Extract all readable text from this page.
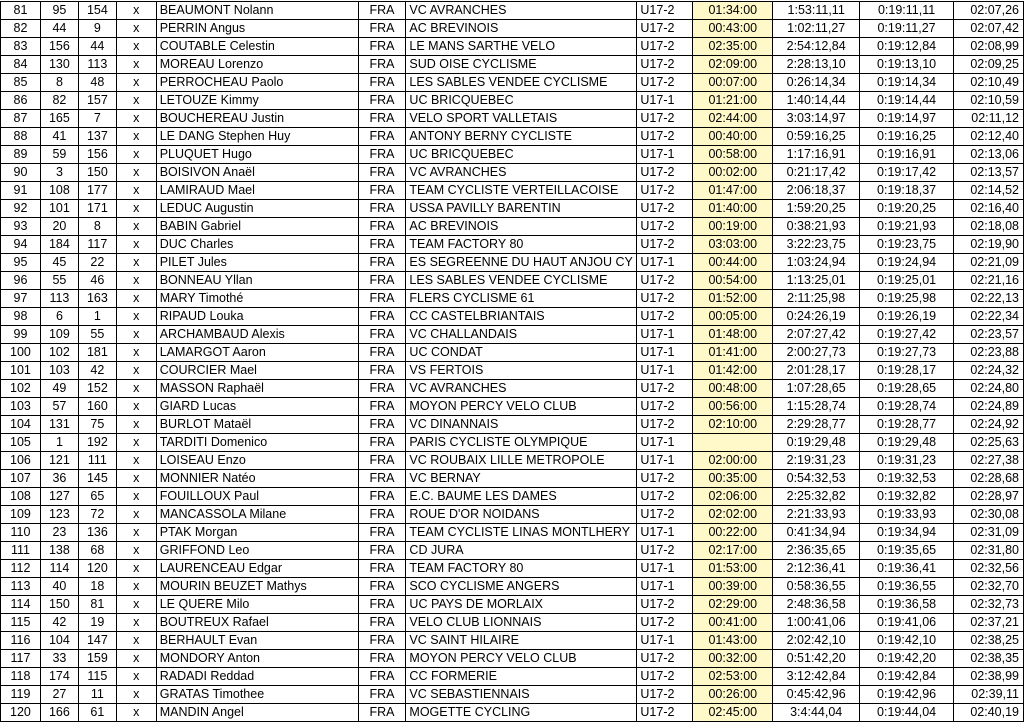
81	95	154	x	BEAUMONT Nolann	FRA	VC AVRANCHES	U17-2	01:34:00	1:53:11,11	0:19:11,11	02:07,26
82	44	9	x	PERRIN Angus	FRA	AC BREVINOIS	U17-2	00:43:00	1:02:11,27	0:19:11,27	02:07,42
83	156	44	x	COUTABLE Celestin	FRA	LE MANS SARTHE VELO	U17-2	02:35:00	2:54:12,84	0:19:12,84	02:08,99
84	130	113	x	MOREAU Lorenzo	FRA	SUD OISE CYCLISME	U17-2	02:09:00	2:28:13,10	0:19:13,10	02:09,25
85	8	48	x	PERROCHEAU Paolo	FRA	LES SABLES VENDEE CYCLISME	U17-2	00:07:00	0:26:14,34	0:19:14,34	02:10,49
86	82	157	x	LETOUZE Kimmy	FRA	UC BRICQUEBEC	U17-1	01:21:00	1:40:14,44	0:19:14,44	02:10,59
87	165	7	x	BOUCHEREAU Justin	FRA	VELO SPORT VALLETAIS	U17-2	02:44:00	3:03:14,97	0:19:14,97	02:11,12
88	41	137	x	LE DANG Stephen Huy	FRA	ANTONY BERNY CYCLISTE	U17-2	00:40:00	0:59:16,25	0:19:16,25	02:12,40
89	59	156	x	PLUQUET Hugo	FRA	UC BRICQUEBEC	U17-1	00:58:00	1:17:16,91	0:19:16,91	02:13,06
90	3	150	x	BOISIVON Anaël	FRA	VC AVRANCHES	U17-2	00:02:00	0:21:17,42	0:19:17,42	02:13,57
91	108	177	x	LAMIRAUD Mael	FRA	TEAM CYCLISTE VERTEILLACOISE	U17-2	01:47:00	2:06:18,37	0:19:18,37	02:14,52
92	101	171	x	LEDUC Augustin	FRA	USSA PAVILLY BARENTIN	U17-2	01:40:00	1:59:20,25	0:19:20,25	02:16,40
93	20	8	x	BABIN Gabriel	FRA	AC BREVINOIS	U17-2	00:19:00	0:38:21,93	0:19:21,93	02:18,08
94	184	117	x	DUC Charles	FRA	TEAM FACTORY 80	U17-2	03:03:00	3:22:23,75	0:19:23,75	02:19,90
95	45	22	x	PILET Jules	FRA	ES SEGREENNE DU HAUT ANJOU CY	U17-1	00:44:00	1:03:24,94	0:19:24,94	02:21,09
96	55	46	x	BONNEAU Yllan	FRA	LES SABLES VENDEE CYCLISME	U17-2	00:54:00	1:13:25,01	0:19:25,01	02:21,16
97	113	163	x	MARY Timothé	FRA	FLERS CYCLISME 61	U17-2	01:52:00	2:11:25,98	0:19:25,98	02:22,13
98	6	1	x	RIPAUD Louka	FRA	CC CASTELBRIANTAIS	U17-2	00:05:00	0:24:26,19	0:19:26,19	02:22,34
99	109	55	x	ARCHAMBAUD Alexis	FRA	VC CHALLANDAIS	U17-1	01:48:00	2:07:27,42	0:19:27,42	02:23,57
100	102	181	x	LAMARGOT Aaron	FRA	UC CONDAT	U17-1	01:41:00	2:00:27,73	0:19:27,73	02:23,88
101	103	42	x	COURCIER Mael	FRA	VS FERTOIS	U17-1	01:42:00	2:01:28,17	0:19:28,17	02:24,32
102	49	152	x	MASSON Raphaël	FRA	VC AVRANCHES	U17-2	00:48:00	1:07:28,65	0:19:28,65	02:24,80
103	57	160	x	GIARD Lucas	FRA	MOYON PERCY VELO CLUB	U17-2	00:56:00	1:15:28,74	0:19:28,74	02:24,89
104	131	75	x	BURLOT Mataël	FRA	VC DINANNAIS	U17-2	02:10:00	2:29:28,77	0:19:28,77	02:24,92
105	1	192	x	TARDITI Domenico	FRA	PARIS CYCLISTE OLYMPIQUE	U17-1		0:19:29,48	0:19:29,48	02:25,63
106	121	111	x	LOISEAU Enzo	FRA	VC ROUBAIX LILLE METROPOLE	U17-1	02:00:00	2:19:31,23	0:19:31,23	02:27,38
107	36	145	x	MONNIER Natéo	FRA	VC BERNAY	U17-2	00:35:00	0:54:32,53	0:19:32,53	02:28,68
108	127	65	x	FOUILLOUX Paul	FRA	E.C. BAUME LES DAMES	U17-2	02:06:00	2:25:32,82	0:19:32,82	02:28,97
109	123	72	x	MANCASSOLA Milane	FRA	ROUE D'OR NOIDANS	U17-2	02:02:00	2:21:33,93	0:19:33,93	02:30,08
110	23	136	x	PTAK Morgan	FRA	TEAM CYCLISTE LINAS MONTLHERY	U17-1	00:22:00	0:41:34,94	0:19:34,94	02:31,09
111	138	68	x	GRIFFOND Leo	FRA	CD JURA	U17-2	02:17:00	2:36:35,65	0:19:35,65	02:31,80
112	114	120	x	LAURENCEAU Edgar	FRA	TEAM FACTORY 80	U17-1	01:53:00	2:12:36,41	0:19:36,41	02:32,56
113	40	18	x	MOURIN BEUZET Mathys	FRA	SCO CYCLISME ANGERS	U17-1	00:39:00	0:58:36,55	0:19:36,55	02:32,70
114	150	81	x	LE QUERE Milo	FRA	UC PAYS DE MORLAIX	U17-2	02:29:00	2:48:36,58	0:19:36,58	02:32,73
115	42	19	x	BOUTREUX Rafael	FRA	VELO CLUB LIONNAIS	U17-2	00:41:00	1:00:41,06	0:19:41,06	02:37,21
116	104	147	x	BERHAULT Evan	FRA	VC SAINT HILAIRE	U17-1	01:43:00	2:02:42,10	0:19:42,10	02:38,25
117	33	159	x	MONDORY Anton	FRA	MOYON PERCY VELO CLUB	U17-2	00:32:00	0:51:42,20	0:19:42,20	02:38,35
118	174	115	x	RADADI Reddad	FRA	CC FORMERIE	U17-2	02:53:00	3:12:42,84	0:19:42,84	02:38,99
119	27	11	x	GRATAS Timothee	FRA	VC SEBASTIENNAIS	U17-2	00:26:00	0:45:42,96	0:19:42,96	02:39,11
120	166	61	x	MANDIN Angel	FRA	MOGETTE CYCLING	U17-2	02:45:00	3:4:44,04	0:19:44,04	02:40,19
